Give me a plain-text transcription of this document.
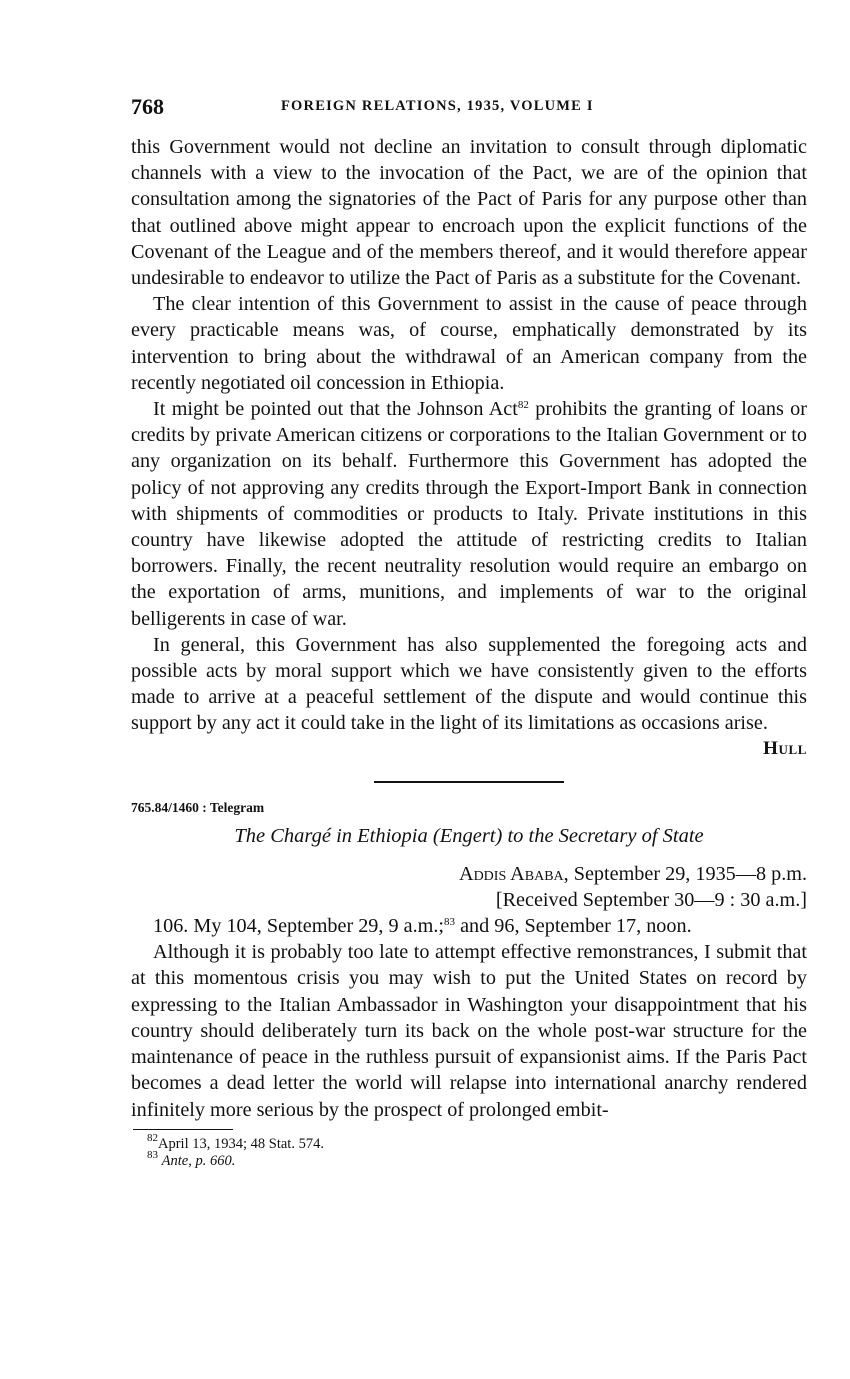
768	FOREIGN RELATIONS, 1935, VOLUME I

this Government would not decline an invitation to consult through diplomatic channels with a view to the invocation of the Pact, we are of the opinion that consultation among the signatories of the Pact of Paris for any purpose other than that outlined above might appear to encroach upon the explicit functions of the Covenant of the League and of the members thereof, and it would therefore appear undesirable to endeavor to utilize the Pact of Paris as a substitute for the Covenant.

The clear intention of this Government to assist in the cause of peace through every practicable means was, of course, emphatically demonstrated by its intervention to bring about the withdrawal of an American company from the recently negotiated oil concession in Ethiopia.

It might be pointed out that the Johnson Act$^{82}$ prohibits the granting of loans or credits by private American citizens or corporations to the Italian Government or to any organization on its behalf. Furthermore this Government has adopted the policy of not approving any credits through the Export-Import Bank in connection with shipments of commodities or products to Italy. Private institutions in this country have likewise adopted the attitude of restricting credits to Italian borrowers. Finally, the recent neutrality resolution would require an embargo on the exportation of arms, munitions, and implements of war to the original belligerents in case of war.

In general, this Government has also supplemented the foregoing acts and possible acts by moral support which we have consistently given to the efforts made to arrive at a peaceful settlement of the dispute and would continue this support by any act it could take in the light of its limitations as occasions arise.

Hull
765.84/1460 : Telegram
The Chargé in Ethiopia (Engert) to the Secretary of State
Addis Ababa, September 29, 1935—8 p.m.
[Received September 30—9 : 30 a.m.]

106. My 104, September 29, 9 a.m.;$^{83}$ and 96, September 17, noon.

Although it is probably too late to attempt effective remonstrances, I submit that at this momentous crisis you may wish to put the United States on record by expressing to the Italian Ambassador in Washington your disappointment that his country should deliberately turn its back on the whole post-war structure for the maintenance of peace in the ruthless pursuit of expansionist aims. If the Paris Pact becomes a dead letter the world will relapse into international anarchy rendered infinitely more serious by the prospect of prolonged embit-

$^{82}$April 13, 1934; 48 Stat. 574.
$^{83}$ Ante, p. 660.
